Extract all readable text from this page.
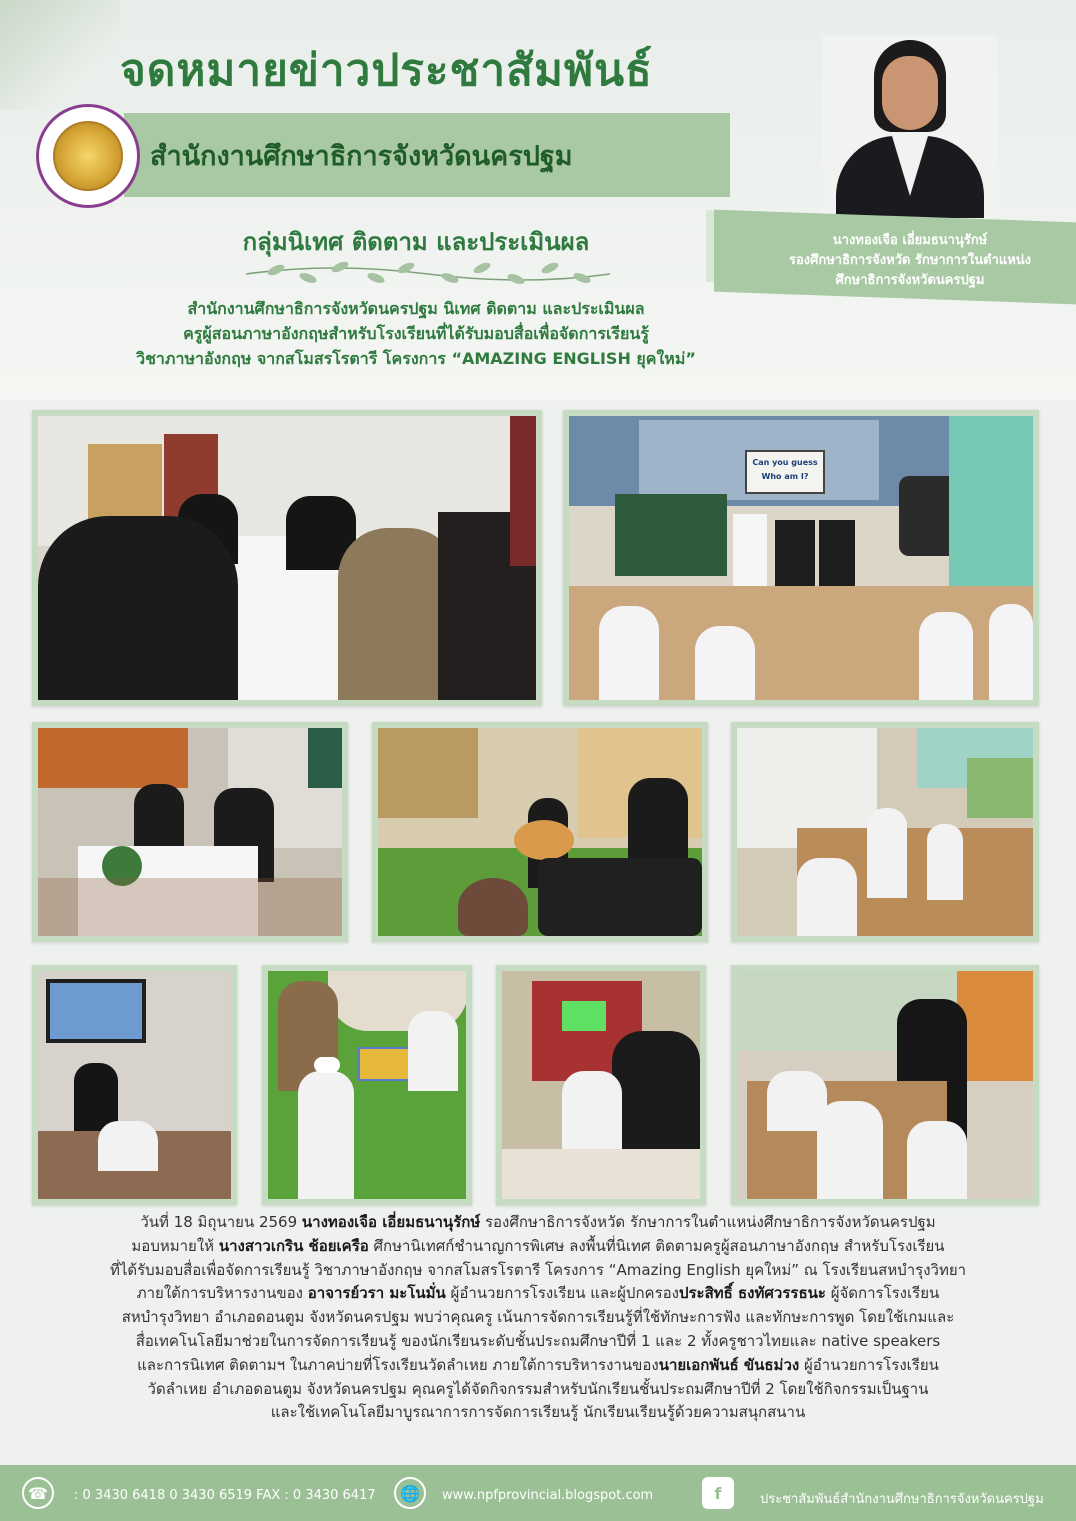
จดหมายข่าวประชาสัมพันธ์
สำนักงานศึกษาธิการจังหวัดนครปฐม
กลุ่มนิเทศ ติดตาม และประเมินผล
สำนักงานศึกษาธิการจังหวัดนครปฐม นิเทศ ติดตาม และประเมินผล
ครูผู้สอนภาษาอังกฤษสำหรับโรงเรียนที่ได้รับมอบสื่อเพื่อจัดการเรียนรู้
วิชาภาษาอังกฤษ จากสโมสรโรตารี โครงการ “AMAZING ENGLISH ยุคใหม่”
นางทองเจือ เอี่ยมธนานุรักษ์
รองศึกษาธิการจังหวัด รักษาการในตำแหน่ง
ศึกษาธิการจังหวัดนครปฐม
Can you guess
Who am I?
วันที่ 18 มิถุนายน 2569 นางทองเจือ เอี่ยมธนานุรักษ์ รองศึกษาธิการจังหวัด รักษาการในตำแหน่งศึกษาธิการจังหวัดนครปฐม
มอบหมายให้ นางสาวเกริน ช้อยเครือ ศึกษานิเทศก์ชำนาญการพิเศษ ลงพื้นที่นิเทศ ติดตามครูผู้สอนภาษาอังกฤษ สำหรับโรงเรียน
ที่ได้รับมอบสื่อเพื่อจัดการเรียนรู้ วิชาภาษาอังกฤษ จากสโมสรโรตารี โครงการ “Amazing English ยุคใหม่” ณ โรงเรียนสหบำรุงวิทยา
ภายใต้การบริหารงานของ อาจารย์วรา มะโนมั่น ผู้อำนวยการโรงเรียน และผู้ปกครองประสิทธิ์ ธงทัศวรรธนะ ผู้จัดการโรงเรียน
สหบำรุงวิทยา อำเภอดอนตูม จังหวัดนครปฐม พบว่าคุณครู เน้นการจัดการเรียนรู้ที่ใช้ทักษะการฟัง และทักษะการพูด โดยใช้เกมและ
สื่อเทคโนโลยีมาช่วยในการจัดการเรียนรู้ ของนักเรียนระดับชั้นประถมศึกษาปีที่ 1 และ 2 ทั้งครูชาวไทยและ native speakers
และการนิเทศ ติดตามฯ ในภาคบ่ายที่โรงเรียนวัดลำเหย ภายใต้การบริหารงานของนายเอกพันธ์ ขันธม่วง ผู้อำนวยการโรงเรียน
วัดลำเหย อำเภอดอนตูม จังหวัดนครปฐม คุณครูได้จัดกิจกรรมสำหรับนักเรียนชั้นประถมศึกษาปีที่ 2 โดยใช้กิจกรรมเป็นฐาน
และใช้เทคโนโลยีมาบูรณาการการจัดการเรียนรู้ นักเรียนเรียนรู้ด้วยความสนุกสนาน
☎	: 0 3430 6418 0 3430 6519 FAX : 0 3430 6417	🌐	www.npfprovincial.blogspot.com	f	ประชาสัมพันธ์สำนักงานศึกษาธิการจังหวัดนครปฐม
